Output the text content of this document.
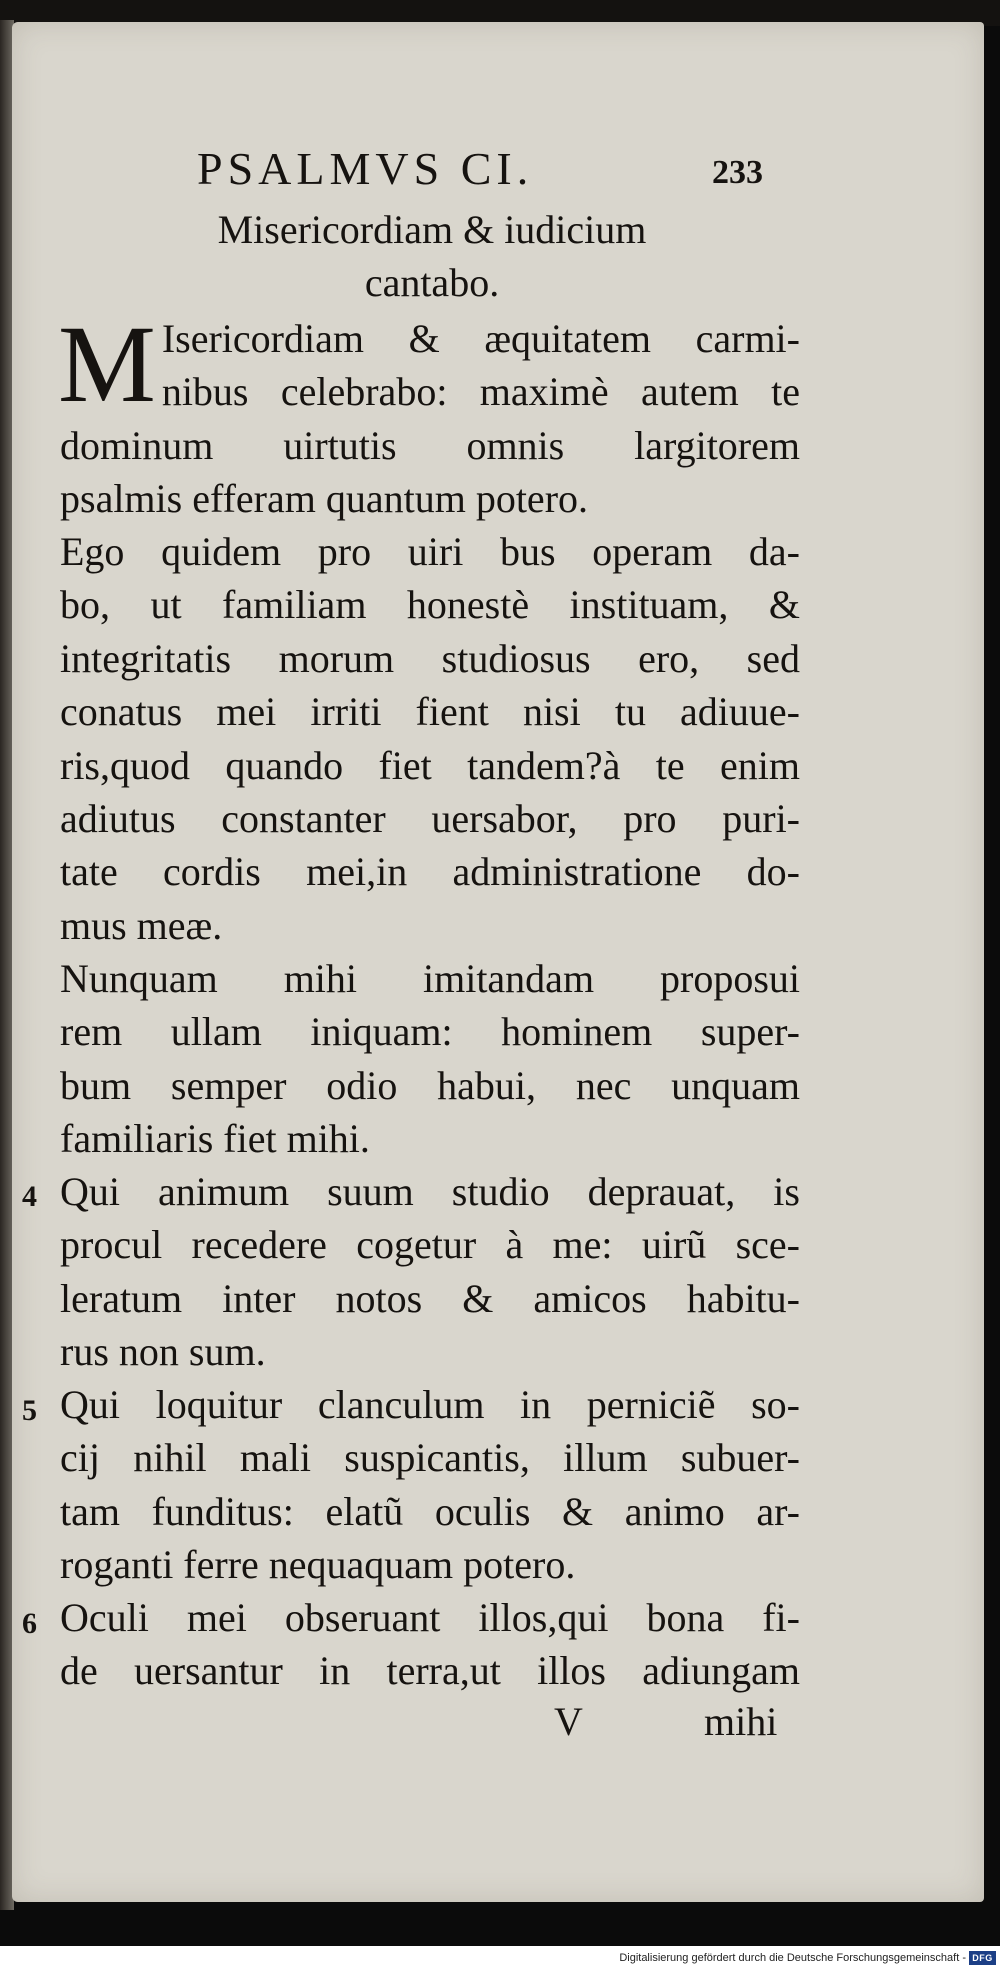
PSALMVS CI.	233
Misericordiam & iudicium
cantabo.
M Isericordiam & æquitatem carmi-
nibus celebrabo: maximè autem te
dominum uirtutis omnis largitorem
psalmis efferam quantum potero.
Ego quidem pro uiri bus operam da-
bo, ut familiam honestè instituam, &
integritatis morum studiosus ero, sed
conatus mei irriti fient nisi tu adiuue-
ris,quod quando fiet tandem?à te enim
adiutus constanter uersabor, pro puri-
tate cordis mei,in administratione do-
mus meæ.
Nunquam mihi imitandam proposui
rem ullam iniquam: hominem super-
bum semper odio habui, nec unquam
familiaris fiet mihi.
4 Qui animum suum studio deprauat, is
procul recedere cogetur à me: uirũ sce-
leratum inter notos & amicos habitu-
rus non sum.
5 Qui loquitur clanculum in perniciẽ so-
cij nihil mali suspicantis, illum subuer-
tam funditus: elatũ oculis & animo ar-
roganti ferre nequaquam potero.
6 Oculi mei obseruant illos,qui bona fi-
de uersantur in terra,ut illos adiungam
V	mihi
Digitalisierung gefördert durch die Deutsche Forschungsgemeinschaft - DFG
